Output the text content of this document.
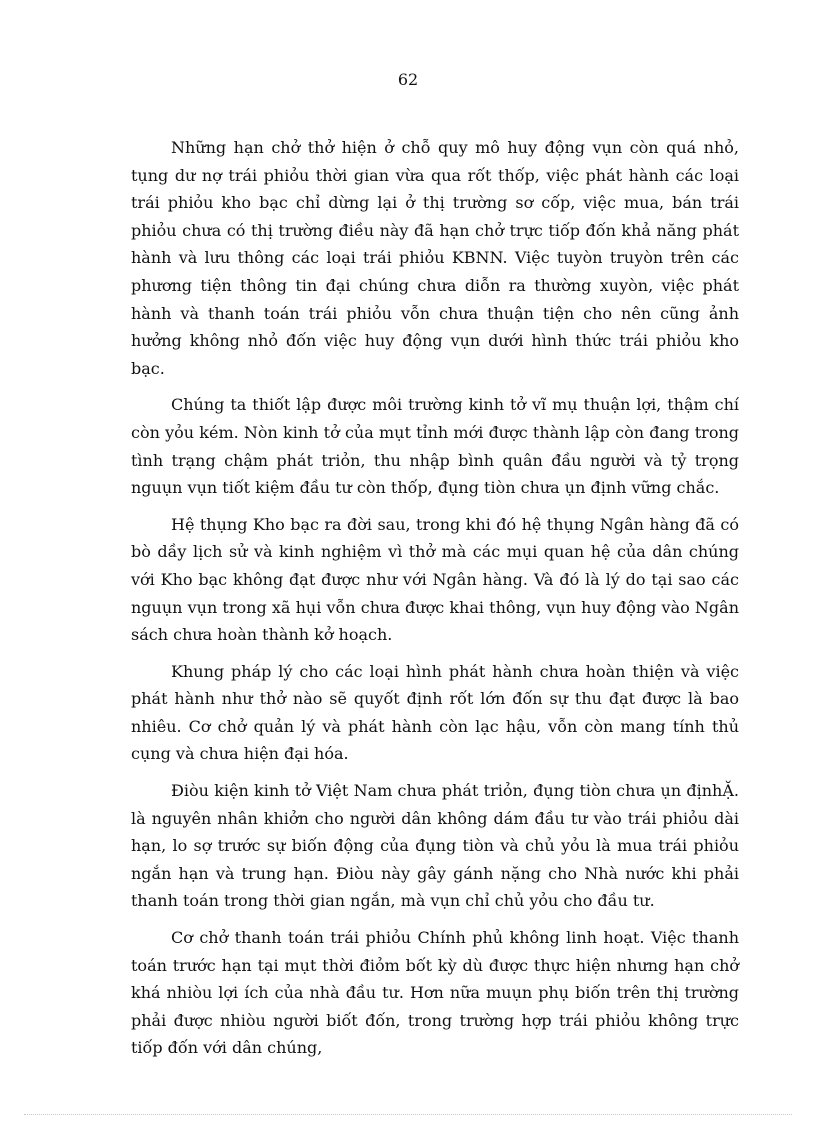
62

Những hạn chở thở hiện ở chỗ quy mô huy động vụn còn quá nhỏ, tụng dư nợ trái phiỏu thời gian vừa qua rốt thốp, việc phát hành các loại trái phiỏu kho bạc chỉ dừng lại ở thị trường sơ cốp, việc mua, bán trái phiỏu chưa có thị trường điều này đã hạn chở trực tiốp đốn khả năng phát hành và lưu thông các loại trái phiỏu KBNN. Việc tuyòn truyòn trên các phương tiện thông tin đại chúng chưa diỗn ra thường xuyòn, việc phát hành và thanh toán trái phiỏu vỗn chưa thuận tiện cho nên cũng ảnh hưởng không nhỏ đốn việc huy động vụn dưới hình thức trái phiỏu kho bạc.

Chúng ta thiốt lập được môi trường kinh tở vĩ mụ thuận lợi, thậm chí còn yỏu kém. Nòn kinh tở của mụt tỉnh mới được thành lập còn đang trong tình trạng chậm phát triỏn, thu nhập bình quân đầu người và tỷ trọng nguụn vụn tiốt kiệm đầu tư còn thốp, đụng tiòn chưa ụn định vững chắc.

Hệ thụng Kho bạc ra đời sau, trong khi đó hệ thụng Ngân hàng đã có bò dầy lịch sử và kinh nghiệm vì thở mà các mụi quan hệ của dân chúng với Kho bạc không đạt được như với Ngân hàng. Và đó là lý do tại sao các nguụn vụn trong xã hụi vỗn chưa được khai thông, vụn huy động vào Ngân sách chưa hoàn thành kở hoạch.

Khung pháp lý cho các loại hình phát hành chưa hoàn thiện và việc phát hành như thở nào sẽ quyốt định rốt lớn đốn sự thu đạt được là bao nhiêu. Cơ chở quản lý và phát hành còn lạc hậu, vỗn còn mang tính thủ cụng và chưa hiện đại hóa.

Điòu kiện kinh tở Việt Nam chưa phát triỏn, đụng tiòn chưa ụn địnhẶ. là nguyên nhân khiởn cho người dân không dám đầu tư vào trái phiỏu dài hạn, lo sợ trước sự biốn động của đụng tiòn và chủ yỏu là mua trái phiỏu ngắn hạn và trung hạn. Điòu này gây gánh nặng cho Nhà nước khi phải thanh toán trong thời gian ngắn, mà vụn chỉ chủ yỏu cho đầu tư.

Cơ chở thanh toán trái phiỏu Chính phủ không linh hoạt. Việc thanh toán trước hạn tại mụt thời điỏm bốt kỳ dù được thực hiện nhưng hạn chở khá nhiòu lợi ích của nhà đầu tư. Hơn nữa muụn phụ biốn trên thị trường phải được nhiòu người biốt đốn, trong trường hợp trái phiỏu không trực tiốp đốn với dân chúng,
